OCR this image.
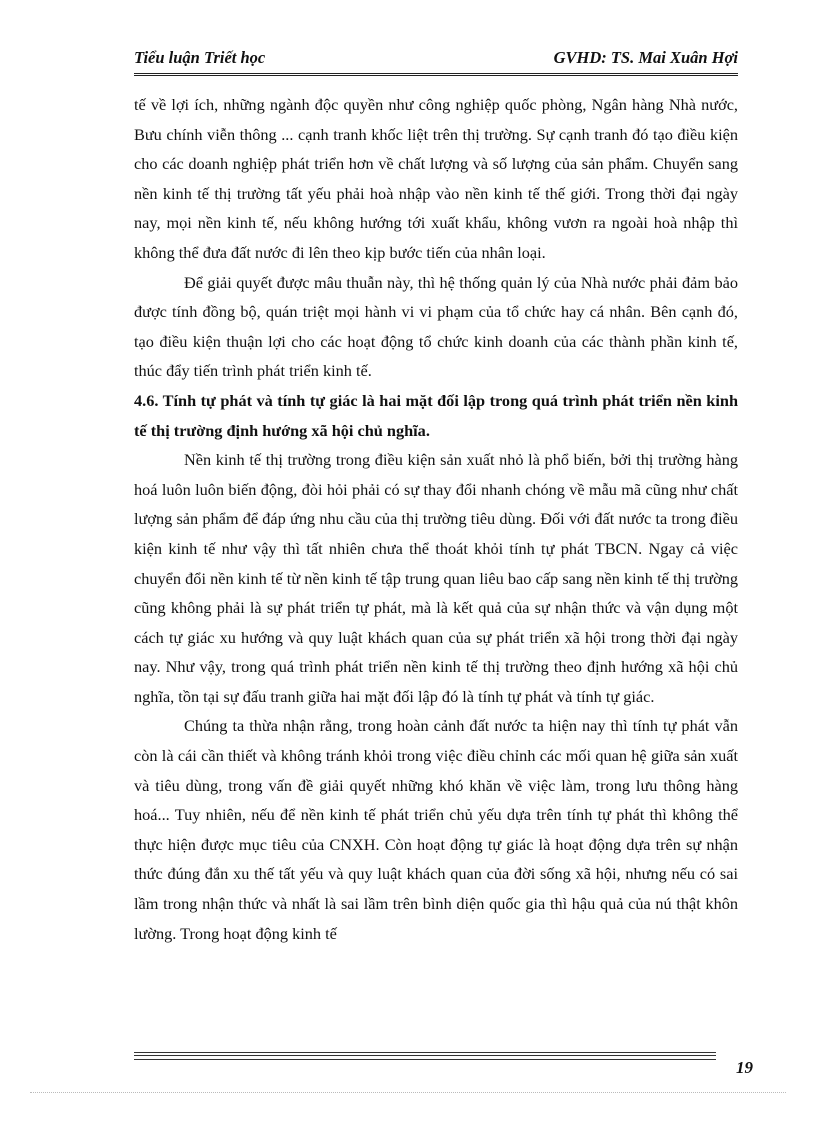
Tiểu luận Triết học	GVHD: TS. Mai Xuân Hợi

tế về lợi ích, những ngành độc quyền như công nghiệp quốc phòng, Ngân hàng Nhà nước, Bưu chính viễn thông ... cạnh tranh khốc liệt trên thị trường. Sự cạnh tranh đó tạo điều kiện cho các doanh nghiệp phát triển hơn về chất lượng và số lượng của sản phẩm. Chuyển sang nền kinh tế thị trường tất yếu phải hoà nhập vào nền kinh tế thế giới. Trong thời đại ngày nay, mọi nền kinh tế, nếu không hướng tới xuất khẩu, không vươn ra ngoài hoà nhập thì không thể đưa đất nước đi lên theo kịp bước tiến của nhân loại.

Để giải quyết được mâu thuẫn này, thì hệ thống quản lý của Nhà nước phải đảm bảo được tính đồng bộ, quán triệt mọi hành vi vi phạm của tổ chức hay cá nhân. Bên cạnh đó, tạo điều kiện thuận lợi cho các hoạt động tổ chức kinh doanh của các thành phần kinh tế, thúc đẩy tiến trình phát triển kinh tế.

4.6. Tính tự phát và tính tự giác là hai mặt đối lập trong quá trình phát triển nền kinh tế thị trường định hướng xã hội chủ nghĩa.

Nền kinh tế thị trường trong điều kiện sản xuất nhỏ là phổ biến, bởi thị trường hàng hoá luôn luôn biến động, đòi hỏi phải có sự thay đổi nhanh chóng về mẫu mã cũng như chất lượng sản phẩm để đáp ứng nhu cầu của thị trường tiêu dùng. Đối với đất nước ta trong điều kiện kinh tế như vậy thì tất nhiên chưa thể thoát khỏi tính tự phát TBCN. Ngay cả việc chuyển đổi nền kinh tế từ nền kinh tế tập trung quan liêu bao cấp sang nền kinh tế thị trường cũng không phải là sự phát triển tự phát, mà là kết quả của sự nhận thức và vận dụng một cách tự giác xu hướng và quy luật khách quan của sự phát triển xã hội trong thời đại ngày nay. Như vậy, trong quá trình phát triển nền kinh tế thị trường theo định hướng xã hội chủ nghĩa, tồn tại sự đấu tranh giữa hai mặt đối lập đó là tính tự phát và tính tự giác.

Chúng ta thừa nhận rằng, trong hoàn cảnh đất nước ta hiện nay thì tính tự phát vẫn còn là cái cần thiết và không tránh khỏi trong việc điều chỉnh các mối quan hệ giữa sản xuất và tiêu dùng, trong vấn đề giải quyết những khó khăn về việc làm, trong lưu thông hàng hoá... Tuy nhiên, nếu để nền kinh tế phát triển chủ yếu dựa trên tính tự phát thì không thể thực hiện được mục tiêu của CNXH. Còn hoạt động tự giác là hoạt động dựa trên sự nhận thức đúng đắn xu thế tất yếu và quy luật khách quan của đời sống xã hội, nhưng nếu có sai lầm trong nhận thức và nhất là sai lầm trên bình diện quốc gia thì hậu quả của nú thật khôn lường. Trong hoạt động kinh tế

19
